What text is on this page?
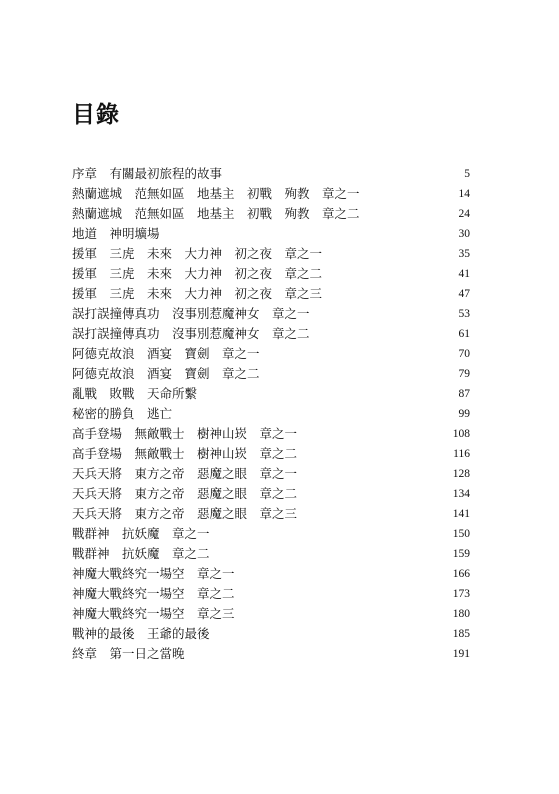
目錄
序章　有關最初旅程的故事	5
熱蘭遮城　范無如區　地基主　初戰　殉教　章之一	14
熱蘭遮城　范無如區　地基主　初戰　殉教　章之二	24
地道　神明壙場	30
援軍　三虎　未來　大力神　初之夜　章之一	35
援軍　三虎　未來　大力神　初之夜　章之二	41
援軍　三虎　未來　大力神　初之夜　章之三	47
誤打誤撞傳真功　沒事別惹魔神女　章之一	53
誤打誤撞傳真功　沒事別惹魔神女　章之二	61
阿德克故浪　酒宴　寶劍　章之一	70
阿德克故浪　酒宴　寶劍　章之二	79
亂戰　敗戰　天命所繫	87
秘密的勝負　逃亡	99
高手登場　無敵戰士　樹神山崁　章之一	108
高手登場　無敵戰士　樹神山崁　章之二	116
天兵天將　東方之帝　惡魔之眼　章之一	128
天兵天將　東方之帝　惡魔之眼　章之二	134
天兵天將　東方之帝　惡魔之眼　章之三	141
戰群神　抗妖魔　章之一	150
戰群神　抗妖魔　章之二	159
神魔大戰終究一場空　章之一	166
神魔大戰終究一場空　章之二	173
神魔大戰終究一場空　章之三	180
戰神的最後　王爺的最後	185
終章　第一日之當晚	191
